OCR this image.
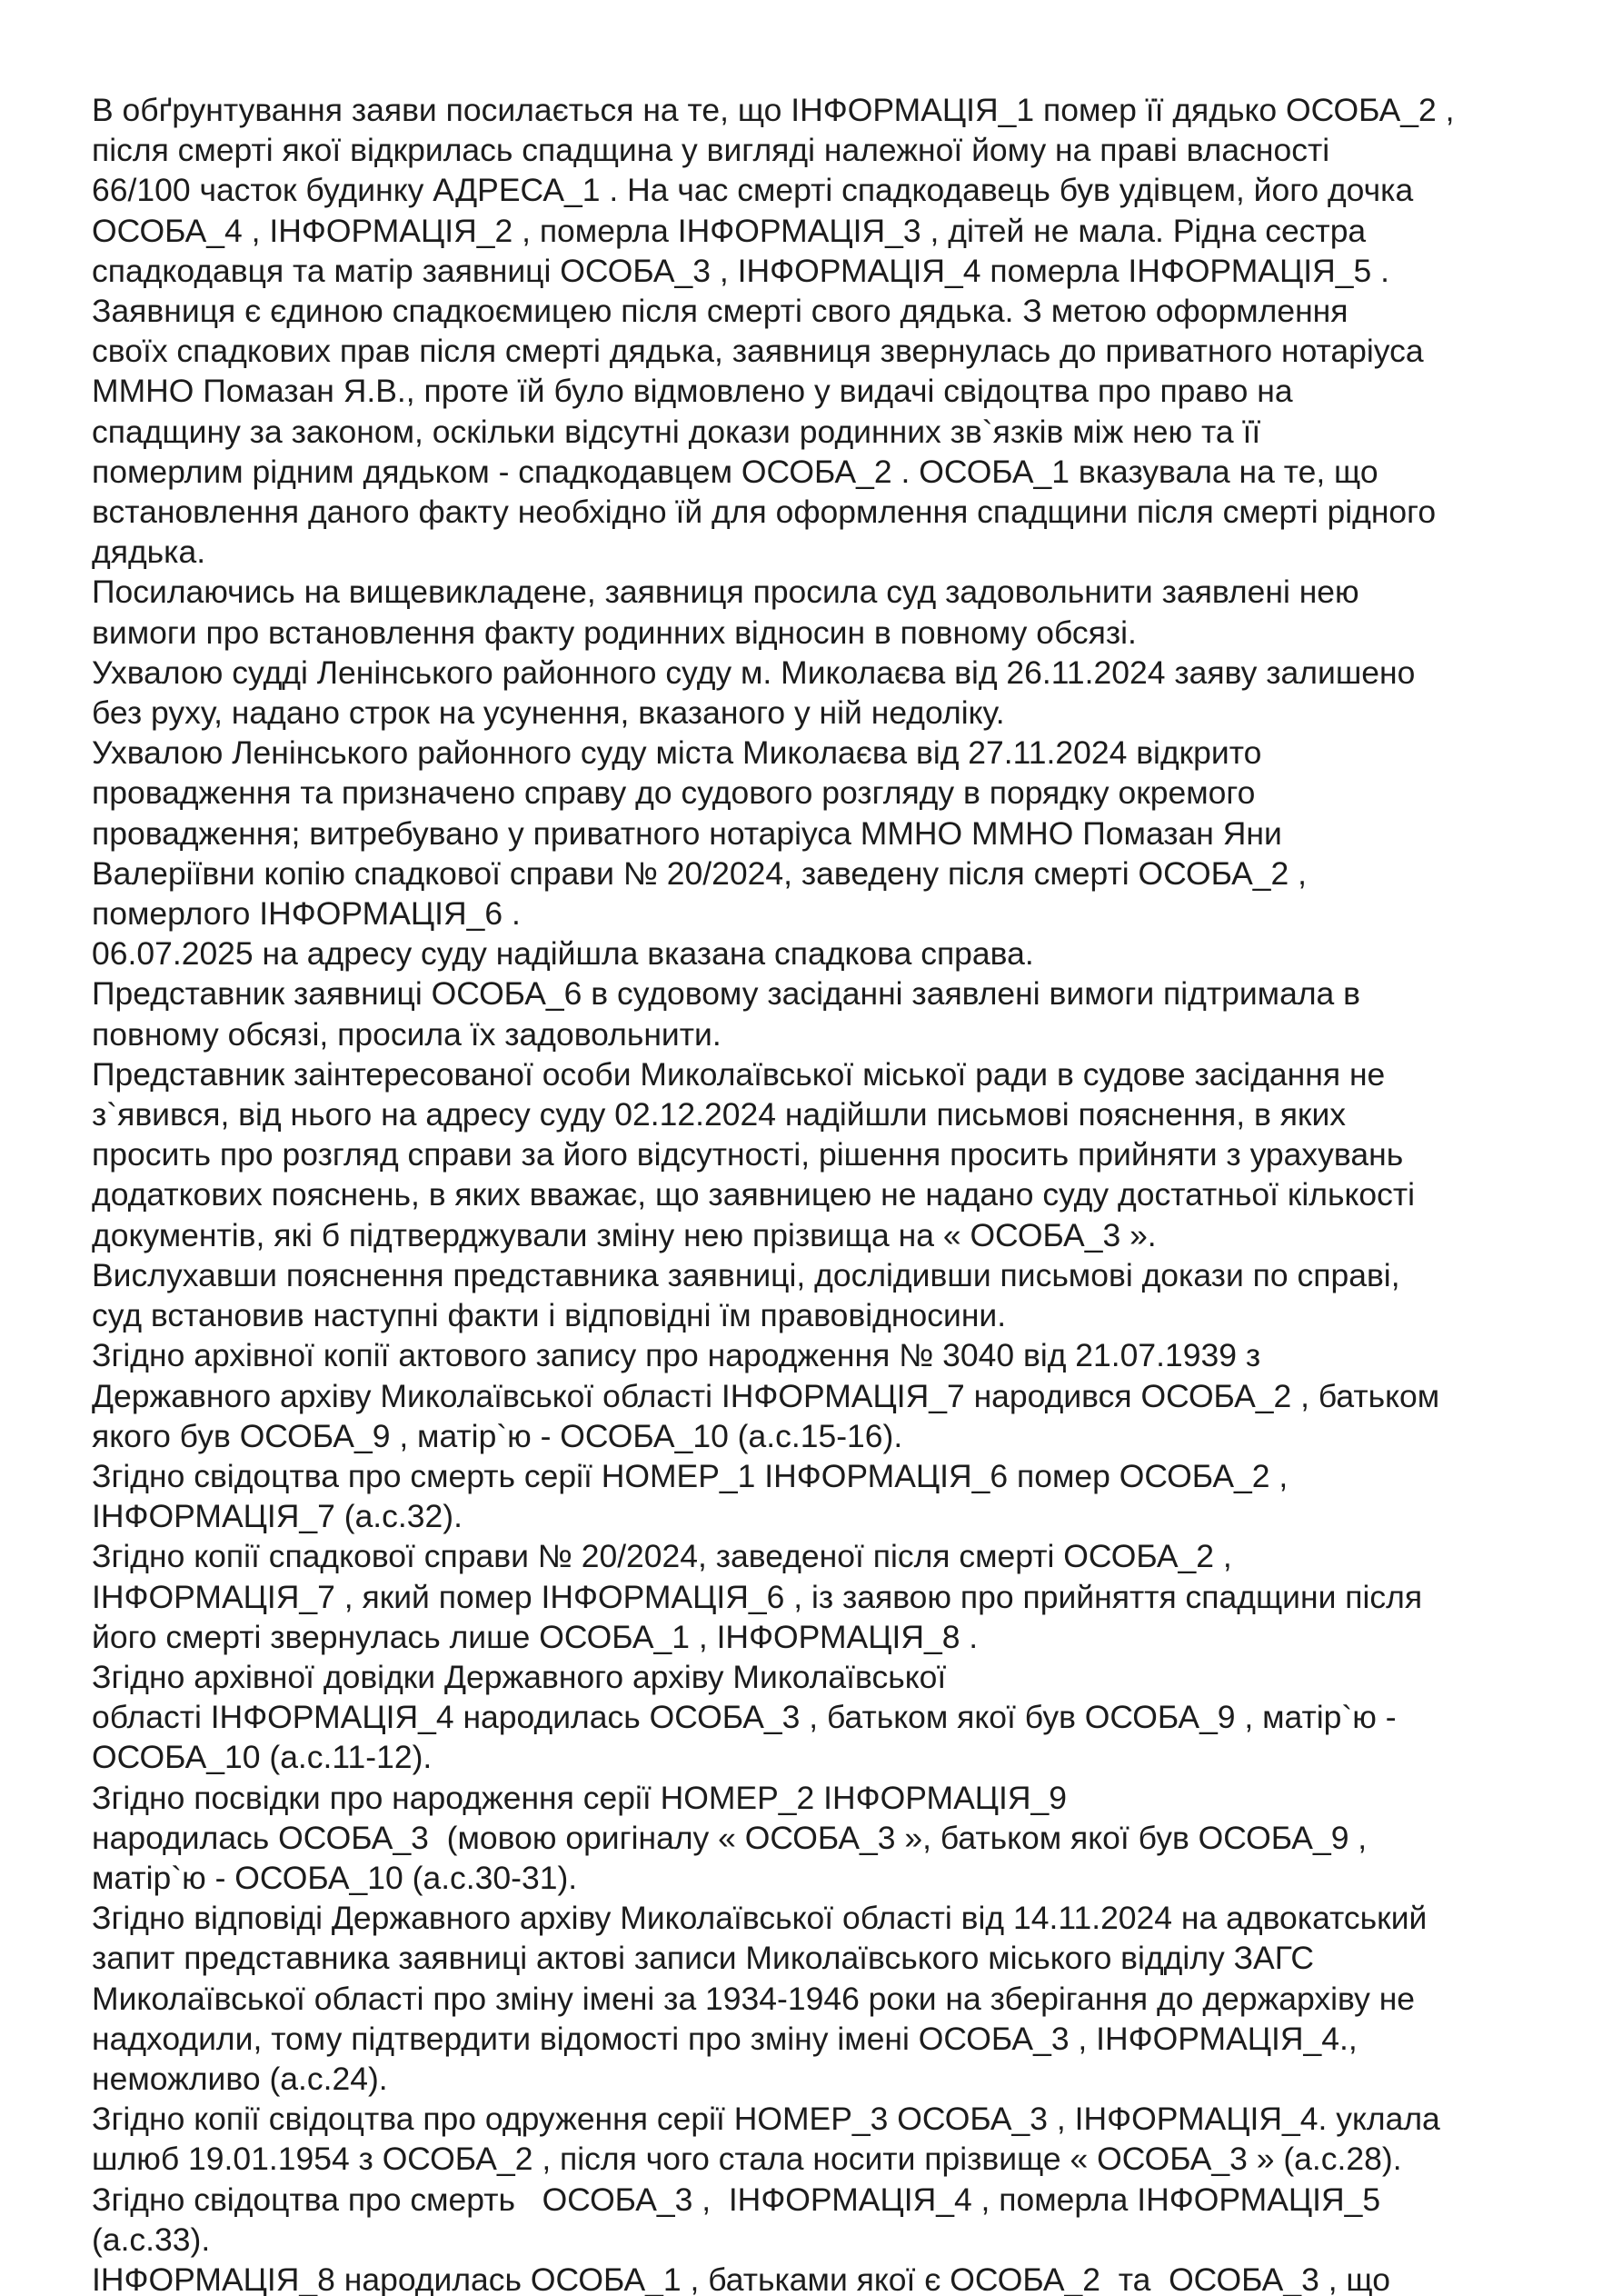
В обґрунтування заяви посилається на те, що ІНФОРМАЦІЯ_1 помер її дядько ОСОБА_2 ,
після смерті якої відкрилась спадщина у вигляді належної йому на праві власності
66/100 часток будинку АДРЕСА_1 . На час смерті спадкодавець був удівцем, його дочка
ОСОБА_4 , ІНФОРМАЦІЯ_2 , померла ІНФОРМАЦІЯ_3 , дітей не мала. Рідна сестра
спадкодавця та матір заявниці ОСОБА_3 , ІНФОРМАЦІЯ_4 померла ІНФОРМАЦІЯ_5 .
Заявниця є єдиною спадкоємицею після смерті свого дядька. З метою оформлення
своїх спадкових прав після смерті дядька, заявниця звернулась до приватного нотаріуса
ММНО Помазан Я.В., проте їй було відмовлено у видачі свідоцтва про право на
спадщину за законом, оскільки відсутні докази родинних зв`язків між нею та її
померлим рідним дядьком - спадкодавцем ОСОБА_2 . ОСОБА_1 вказувала на те, що
встановлення даного факту необхідно їй для оформлення спадщини після смерті рідного
дядька.
Посилаючись на вищевикладене, заявниця просила суд задовольнити заявлені нею
вимоги про встановлення факту родинних відносин в повному обсязі.
Ухвалою судді Ленінського районного суду м. Миколаєва від 26.11.2024 заяву залишено
без руху, надано строк на усунення, вказаного у ній недоліку.
Ухвалою Ленінського районного суду міста Миколаєва від 27.11.2024 відкрито
провадження та призначено справу до судового розгляду в порядку окремого
провадження; витребувано у приватного нотаріуса ММНО ММНО Помазан Яни
Валеріївни копію спадкової справи № 20/2024, заведену після смерті ОСОБА_2 ,
померлого ІНФОРМАЦІЯ_6 .
06.07.2025 на адресу суду надійшла вказана спадкова справа.
Представник заявниці ОСОБА_6 в судовому засіданні заявлені вимоги підтримала в
повному обсязі, просила їх задовольнити.
Представник заінтересованої особи Миколаївської міської ради в судове засідання не
з`явився, від нього на адресу суду 02.12.2024 надійшли письмові пояснення, в яких
просить про розгляд справи за його відсутності, рішення просить прийняти з урахувань
додаткових пояснень, в яких вважає, що заявницею не надано суду достатньої кількості
документів, які б підтверджували зміну нею прізвища на « ОСОБА_3 ».
Вислухавши пояснення представника заявниці, дослідивши письмові докази по справі,
суд встановив наступні факти і відповідні їм правовідносини.
Згідно архівної копії актового запису про народження № 3040 від 21.07.1939 з
Державного архіву Миколаївської області ІНФОРМАЦІЯ_7 народився ОСОБА_2 , батьком
якого був ОСОБА_9 , матір`ю - ОСОБА_10 (а.с.15-16).
Згідно свідоцтва про смерть серії НОМЕР_1 ІНФОРМАЦІЯ_6 помер ОСОБА_2 ,
ІНФОРМАЦІЯ_7 (а.с.32).
Згідно копії спадкової справи № 20/2024, заведеної після смерті ОСОБА_2 ,
ІНФОРМАЦІЯ_7 , який помер ІНФОРМАЦІЯ_6 , із заявою про прийняття спадщини після
його смерті звернулась лише ОСОБА_1 , ІНФОРМАЦІЯ_8 .
Згідно архівної довідки Державного архіву Миколаївської
області ІНФОРМАЦІЯ_4 народилась ОСОБА_3 , батьком якої був ОСОБА_9 , матір`ю -
ОСОБА_10 (а.с.11-12).
Згідно посвідки про народження серії НОМЕР_2 ІНФОРМАЦІЯ_9
народилась ОСОБА_3  (мовою оригіналу « ОСОБА_3 », батьком якої був ОСОБА_9 ,
матір`ю - ОСОБА_10 (а.с.30-31).
Згідно відповіді Державного архіву Миколаївської області від 14.11.2024 на адвокатський
запит представника заявниці актові записи Миколаївського міського відділу ЗАГС
Миколаївської області про зміну імені за 1934-1946 роки на зберігання до держархіву не
надходили, тому підтвердити відомості про зміну імені ОСОБА_3 , ІНФОРМАЦІЯ_4.,
неможливо (а.с.24).
Згідно копії свідоцтва про одруження серії НОМЕР_3 ОСОБА_3 , ІНФОРМАЦІЯ_4. уклала
шлюб 19.01.1954 з ОСОБА_2 , після чого стала носити прізвище « ОСОБА_3 » (а.с.28).
Згідно свідоцтва про смерть   ОСОБА_3 ,  ІНФОРМАЦІЯ_4 , померла ІНФОРМАЦІЯ_5
(а.с.33).
ІНФОРМАЦІЯ_8 народилась ОСОБА_1 , батьками якої є ОСОБА_2  та  ОСОБА_3 , що
